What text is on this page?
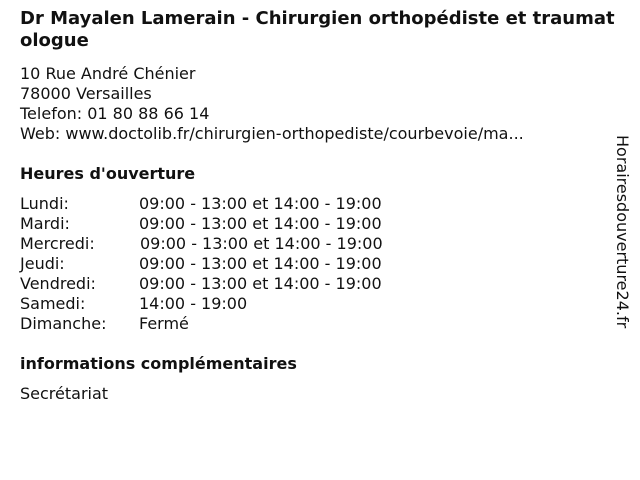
Dr Mayalen Lamerain - Chirurgien orthopédiste et traumatologue
10 Rue André Chénier
78000 Versailles
Telefon: 01 80 88 66 14
Web: www.doctolib.fr/chirurgien-orthopediste/courbevoie/ma...
Heures d'ouverture
Lundi:	09:00 - 13:00 et 14:00 - 19:00
Mardi:	09:00 - 13:00 et 14:00 - 19:00
Mercredi:	09:00 - 13:00 et 14:00 - 19:00
Jeudi:	09:00 - 13:00 et 14:00 - 19:00
Vendredi:	09:00 - 13:00 et 14:00 - 19:00
Samedi:	14:00 - 19:00
Dimanche: Fermé
informations complémentaires
Secrétariat
Horairesdouverture24.fr
